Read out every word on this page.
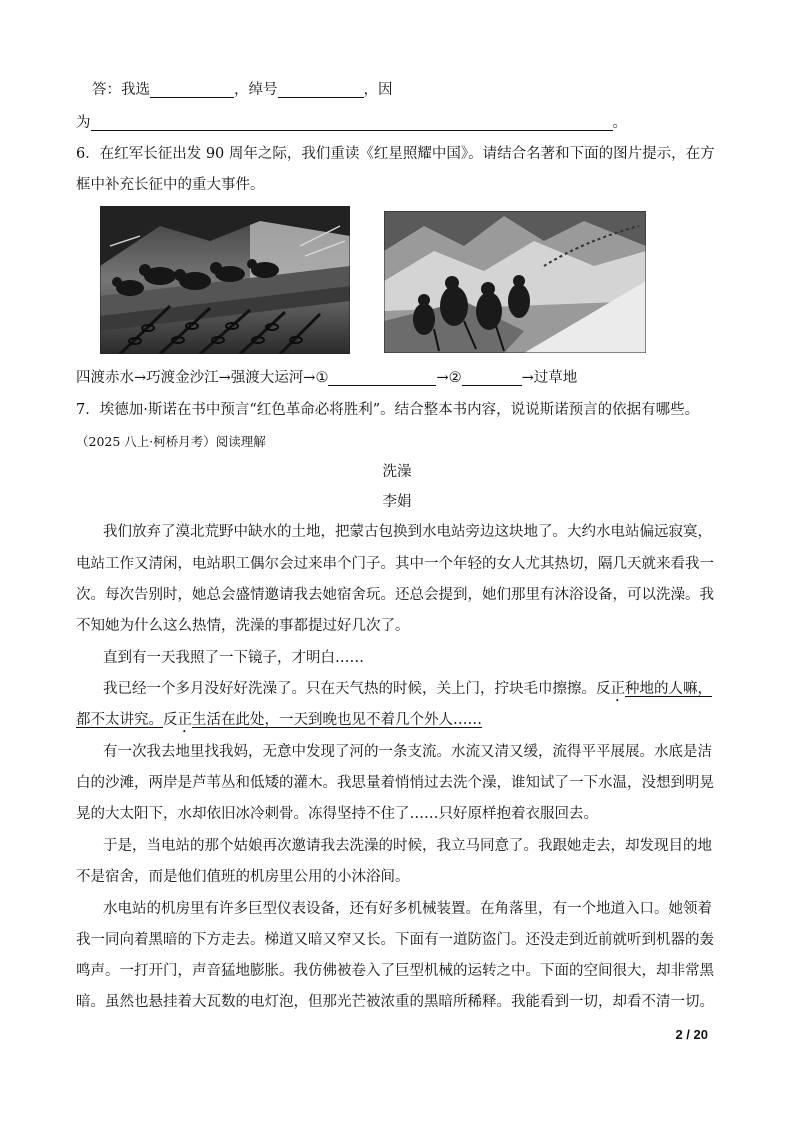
答：我选	，绰号	，因
为	。
6．在红军长征出发 90 周年之际，我们重读《红星照耀中国》。请结合名著和下面的图片提示，在方
框中补充长征中的重大事件。
四渡赤水→巧渡金沙江→强渡大运河→①	→②	→过草地
7．埃德加·斯诺在书中预言“红色革命必将胜利”。结合整本书内容，说说斯诺预言的依据有哪些。
（2025 八上·柯桥月考）阅读理解
洗澡
李娟
我们放弃了漠北荒野中缺水的土地，把蒙古包换到水电站旁边这块地了。大约水电站偏远寂寞，
电站工作又清闲，电站职工偶尔会过来串个门子。其中一个年轻的女人尤其热切，隔几天就来看我一
次。每次告别时，她总会盛情邀请我去她宿舍玩。还总会提到，她们那里有沐浴设备，可以洗澡。我
不知她为什么这么热情，洗澡的事都提过好几次了。
直到有一天我照了一下镜子，才明白……
我已经一个多月没好好洗澡了。只在天气热的时候，关上门，拧块毛巾擦擦。反正种地的人嘛，
都不太讲究。反正生活在此处，一天到晚也见不着几个外人……
有一次我去地里找我妈，无意中发现了河的一条支流。水流又清又缓，流得平平展展。水底是洁
白的沙滩，两岸是芦苇丛和低矮的灌木。我思量着悄悄过去洗个澡，谁知试了一下水温，没想到明晃
晃的大太阳下，水却依旧冰冷刺骨。冻得坚持不住了……只好原样抱着衣服回去。
于是，当电站的那个姑娘再次邀请我去洗澡的时候，我立马同意了。我跟她走去，却发现目的地
不是宿舍，而是他们值班的机房里公用的小沐浴间。
水电站的机房里有许多巨型仪表设备，还有好多机械装置。在角落里，有一个地道入口。她领着
我一同向着黑暗的下方走去。梯道又暗又窄又长。下面有一道防盗门。还没走到近前就听到机器的轰
鸣声。一打开门，声音猛地膨胀。我仿佛被卷入了巨型机械的运转之中。下面的空间很大，却非常黑
暗。虽然也悬挂着大瓦数的电灯泡，但那光芒被浓重的黑暗所稀释。我能看到一切，却看不清一切。
2 / 20
